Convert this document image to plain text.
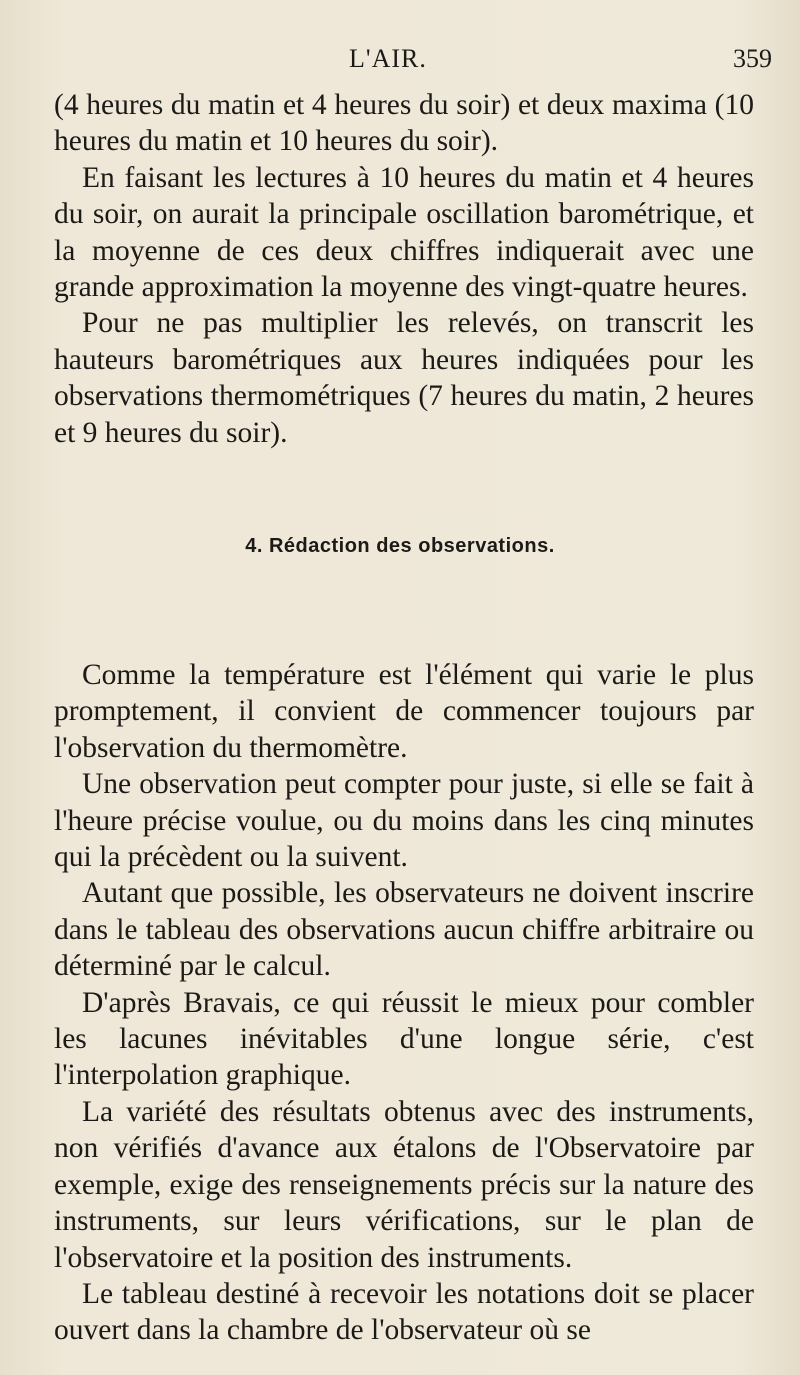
L'AIR.	359

(4 heures du matin et 4 heures du soir) et deux maxima (10 heures du matin et 10 heures du soir).

En faisant les lectures à 10 heures du matin et 4 heures du soir, on aurait la principale oscillation barométrique, et la moyenne de ces deux chiffres indiquerait avec une grande approximation la moyenne des vingt-quatre heures.

Pour ne pas multiplier les relevés, on transcrit les hauteurs barométriques aux heures indiquées pour les observations thermométriques (7 heures du matin, 2 heures et 9 heures du soir).

4. Rédaction des observations.

Comme la température est l'élément qui varie le plus promptement, il convient de commencer toujours par l'observation du thermomètre.

Une observation peut compter pour juste, si elle se fait à l'heure précise voulue, ou du moins dans les cinq minutes qui la précèdent ou la suivent.

Autant que possible, les observateurs ne doivent inscrire dans le tableau des observations aucun chiffre arbitraire ou déterminé par le calcul.

D'après Bravais, ce qui réussit le mieux pour combler les lacunes inévitables d'une longue série, c'est l'interpolation graphique.

La variété des résultats obtenus avec des instruments, non vérifiés d'avance aux étalons de l'Observatoire par exemple, exige des renseignements précis sur la nature des instruments, sur leurs vérifications, sur le plan de l'observatoire et la position des instruments.

Le tableau destiné à recevoir les notations doit se placer ouvert dans la chambre de l'observateur où se
